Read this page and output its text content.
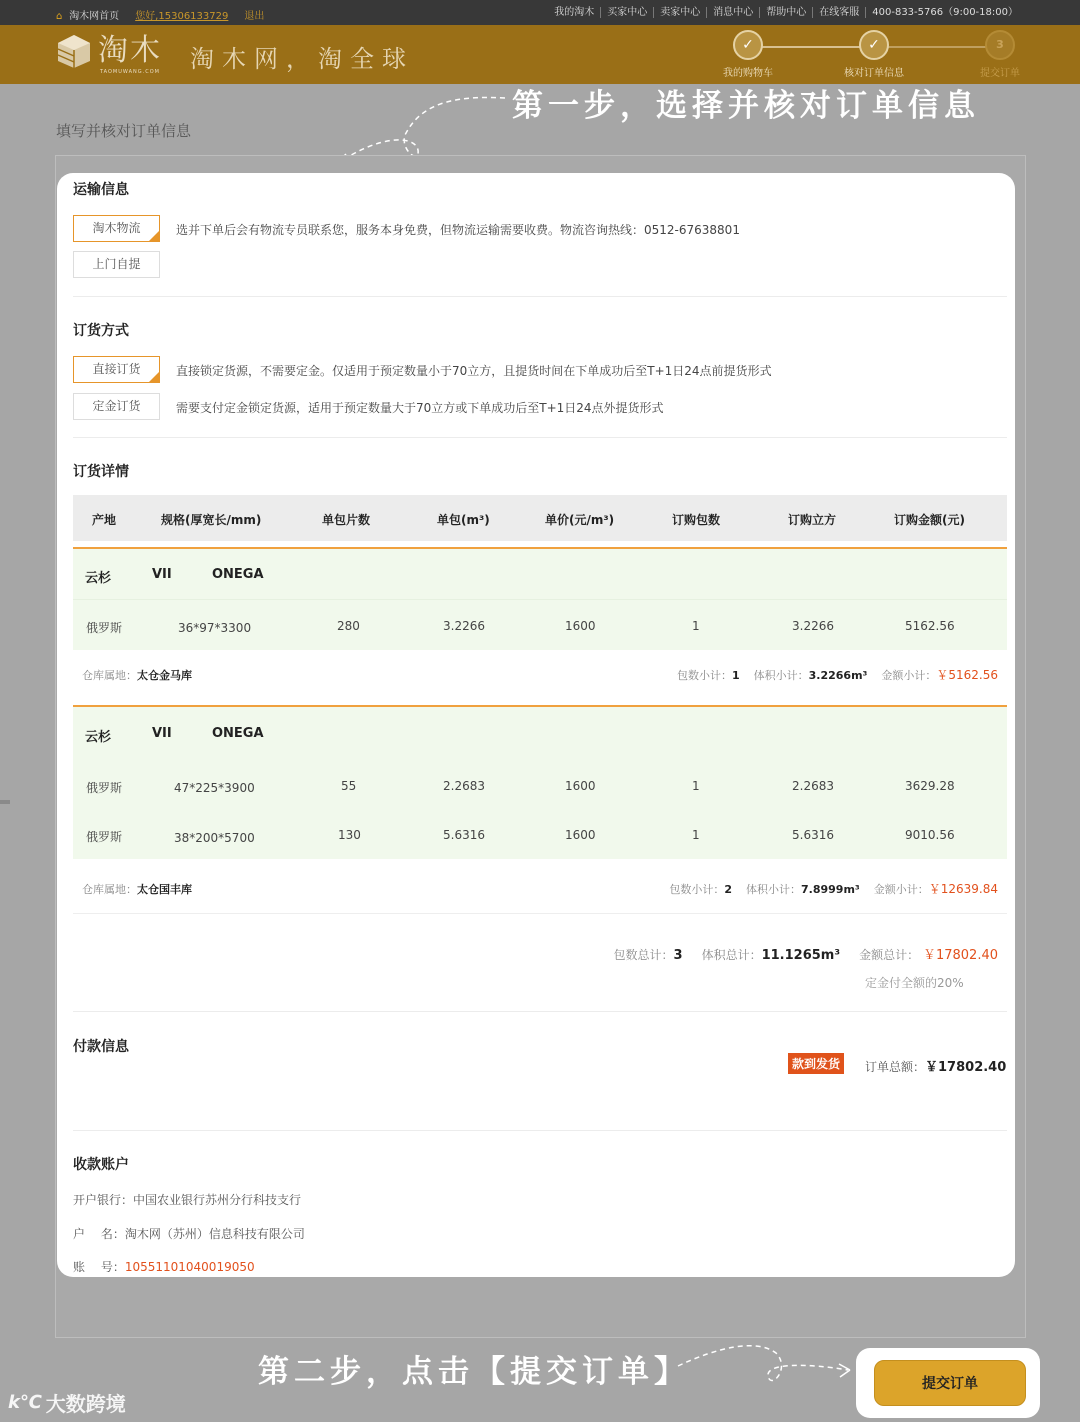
⌂ 淘木网首页 您好,15306133729 退出	我的淘木	买家中心	卖家中心	消息中心	帮助中心	在线客服	400-833-5766（9:00-18:00）
淘木
TAOMUWANG.COM 淘木网，淘全球	✓
我的购物车
✓
核对订单信息
3
提交订单
第一步，选择并核对订单信息
填写并核对订单信息
运输信息
淘木物流	选并下单后会有物流专员联系您，服务本身免费，但物流运输需要收费。物流咨询热线：0512-67638801
上门自提
订货方式
直接订货	直接锁定货源，不需要定金。仅适用于预定数量小于70立方，且提货时间在下单成功后至T+1日24点前提货形式
定金订货	需要支付定金锁定货源，适用于预定数量大于70立方或下单成功后至T+1日24点外提货形式
订货详情
产地	规格(厚宽长/mm)	单包片数	单包(m³)	单价(元/m³)	订购包数	订购立方	订购金额(元)
云杉	VII	ONEGA
俄罗斯	36*97*3300	280	3.2266	1600	1	3.2266	5162.56
仓库属地：太仓金马库	包数小计：1 体积小计：3.2266m³ 金额小计：￥5162.56
云杉	VII	ONEGA
俄罗斯	47*225*3900	55	2.2683	1600	1	2.2683	3629.28
俄罗斯	38*200*5700	130	5.6316	1600	1	5.6316	9010.56
仓库属地：太仓国丰库	包数小计：2 体积小计：7.8999m³ 金额小计：￥12639.84
包数总计：3 体积总计：11.1265m³ 金额总计： ￥17802.40
定金付全额的20%
付款信息
款到发货	订单总额：￥17802.40
收款账户
开户银行：中国农业银行苏州分行科技支行
户　 名：淘木网（苏州）信息科技有限公司
账　 号：10551101040019050
第二步，点击【提交订单】	提交订单
k℃ 大数跨境
